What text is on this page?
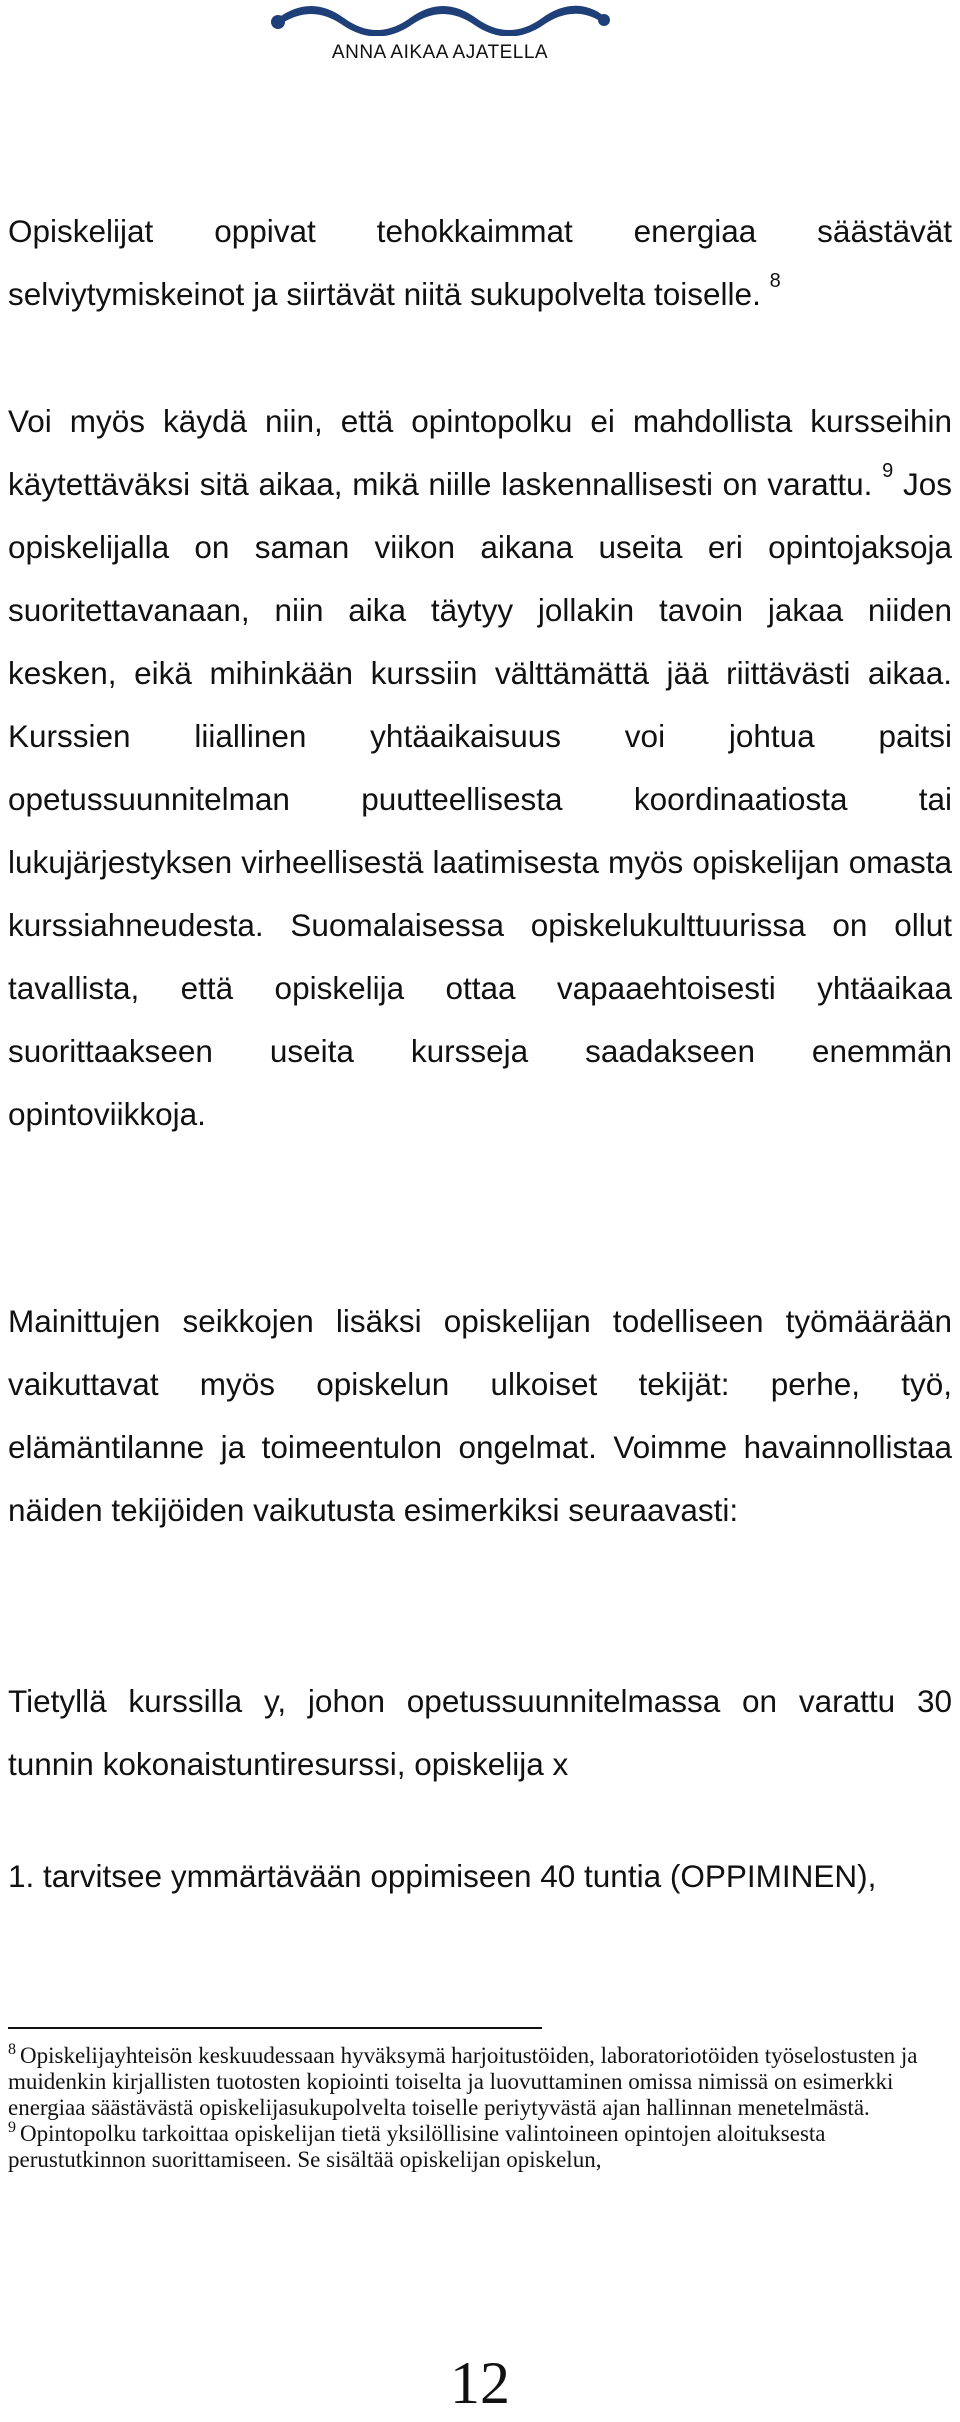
ANNA AIKAA AJATELLA

Opiskelijat oppivat tehokkaimmat energiaa säästävät selviytymiskeinot ja siirtävät niitä sukupolvelta toiselle. $^8$

Voi myös käydä niin, että opintopolku ei mahdollista kursseihin käytettäväksi sitä aikaa, mikä niille laskennallisesti on varattu. $^9$ Jos opiskelijalla on saman viikon aikana useita eri opintojaksoja suoritettavanaan, niin aika täytyy jollakin tavoin jakaa niiden kesken, eikä mihinkään kurssiin välttämättä jää riittävästi aikaa. Kurssien liiallinen yhtäaikaisuus voi johtua paitsi opetussuunnitelman puutteellisesta koordinaatiosta tai lukujärjestyksen virheellisestä laatimisesta myös opiskelijan omasta kurssiahneudesta. Suomalaisessa opiskelukulttuurissa on ollut tavallista, että opiskelija ottaa vapaaehtoisesti yhtäaikaa suorittaakseen useita kursseja saadakseen enemmän opintoviikkoja.

Mainittujen seikkojen lisäksi opiskelijan todelliseen työmäärään vaikuttavat myös opiskelun ulkoiset tekijät: perhe, työ, elämäntilanne ja toimeentulon ongelmat. Voimme havainnollistaa näiden tekijöiden vaikutusta esimerkiksi seuraavasti:

Tietyllä kurssilla y, johon opetussuunnitelmassa on varattu 30 tunnin kokonaistuntiresurssi, opiskelija x

1. tarvitsee ymmärtävään oppimiseen 40 tuntia (OPPIMINEN),

$^8$ Opiskelijayhteisön keskuudessaan hyväksymä harjoitustöiden, laboratoriotöiden työselostusten ja muidenkin kirjallisten tuotosten kopiointi toiselta ja luovuttaminen omissa nimissä on esimerkki energiaa säästävästä opiskelijasukupolvelta toiselle periytyvästä ajan hallinnan menetelmästä.

$^9$ Opintopolku tarkoittaa opiskelijan tietä yksilöllisine valintoineen opintojen aloituksesta perustutkinnon suorittamiseen. Se sisältää opiskelijan opiskelun,

12
